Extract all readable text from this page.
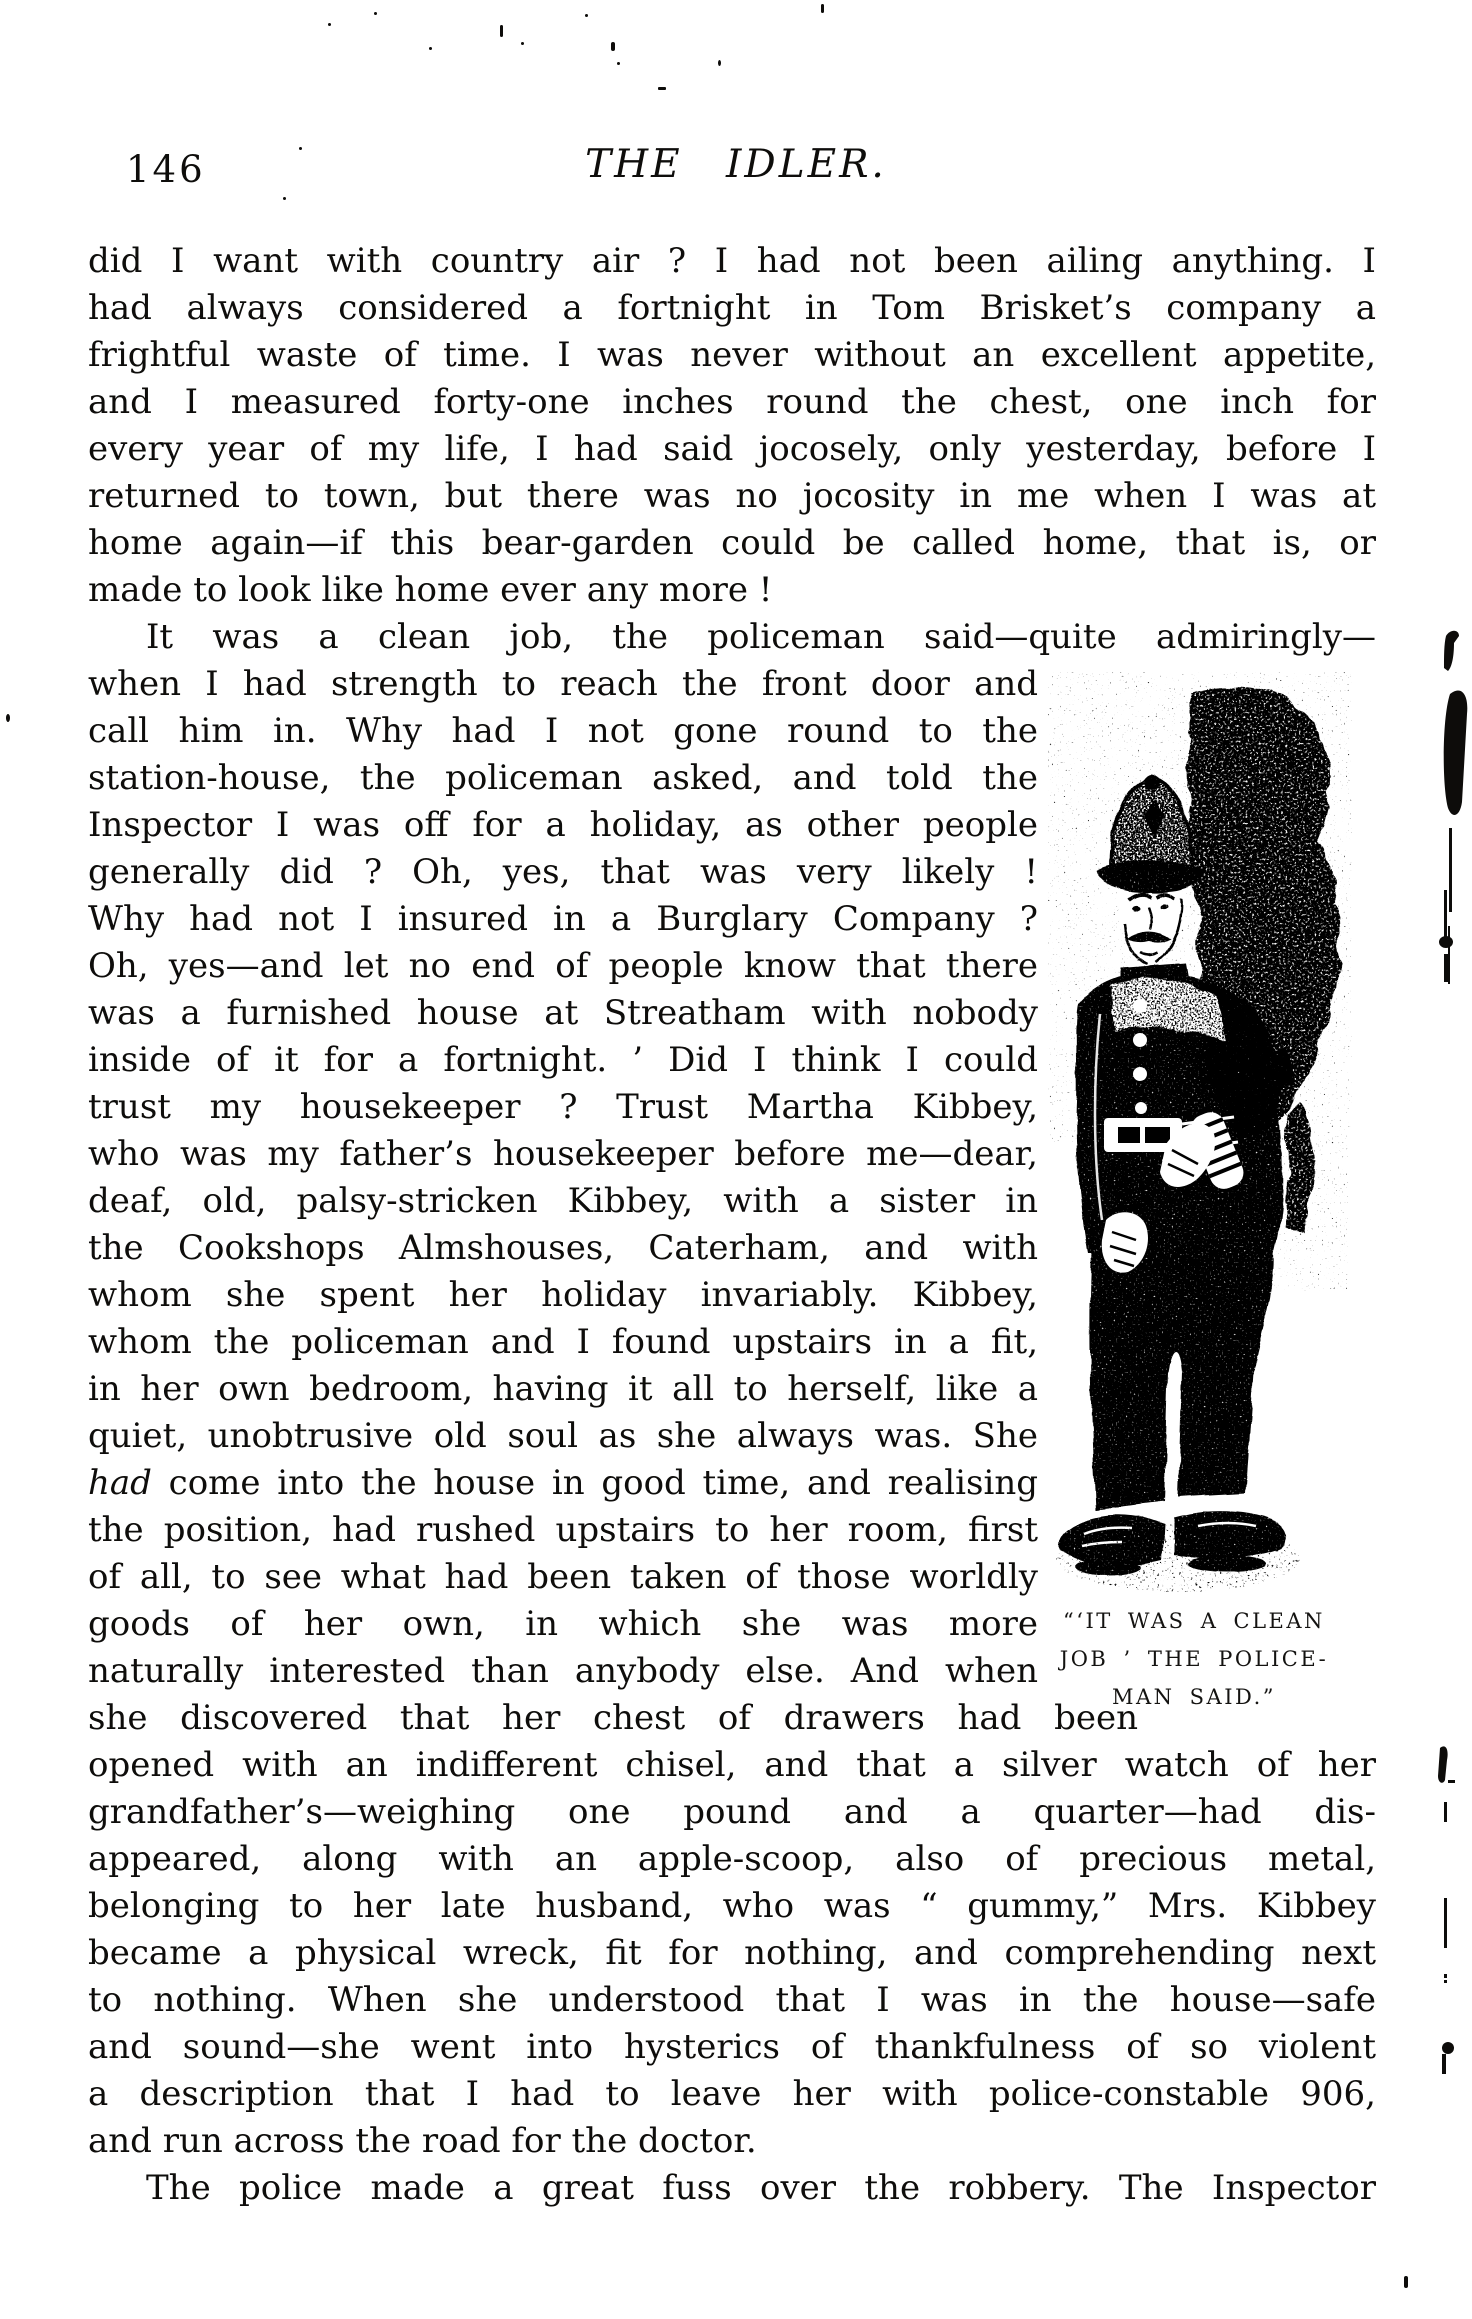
146	THE IDLER.
did I want with country air ? I had not been ailing anything. I
had always considered a fortnight in Tom Brisket’s company a
frightful waste of time. I was never without an excellent appetite,
and I measured forty-one inches round the chest, one inch for
every year of my life, I had said jocosely, only yesterday, before I
returned to town, but there was no jocosity in me when I was at
home again—if this bear-garden could be called home, that is, or
made to look like home ever any more !
It was a clean job, the policeman said—quite admiringly—
when I had strength to reach the front door and
call him in. Why had I not gone round to the
station-house, the policeman asked, and told the
Inspector I was off for a holiday, as other people
generally did ? Oh, yes, that was very likely !
Why had not I insured in a Burglary Company ?
Oh, yes—and let no end of people know that there
was a furnished house at Streatham with nobody
inside of it for a fortnight. ’ Did I think I could
trust my housekeeper ? Trust Martha Kibbey,
who was my father’s housekeeper before me—dear,
deaf, old, palsy-stricken Kibbey, with a sister in
the Cookshops Almshouses, Caterham, and with
whom she spent her holiday invariably. Kibbey,
whom the policeman and I found upstairs in a fit,
in her own bedroom, having it all to herself, like a
quiet, unobtrusive old soul as she always was. She
had come into the house in good time, and realising
the position, had rushed upstairs to her room, first
of all, to see what had been taken of those worldly
goods of her own, in which she was more
naturally interested than anybody else. And when
she discovered that her chest of drawers had been
opened with an indifferent chisel, and that a silver watch of her
grandfather’s—weighing one pound and a quarter—had dis-
appeared, along with an apple-scoop, also of precious metal,
belonging to her late husband, who was “ gummy,” Mrs. Kibbey
became a physical wreck, fit for nothing, and comprehending next
to nothing. When she understood that I was in the house—safe
and sound—she went into hysterics of thankfulness of so violent
a description that I had to leave her with police-constable 906,
and run across the road for the doctor.
The police made a great fuss over the robbery. The Inspector
“‘IT WAS A CLEAN
JOB ’ THE POLICE-
MAN SAID.”
